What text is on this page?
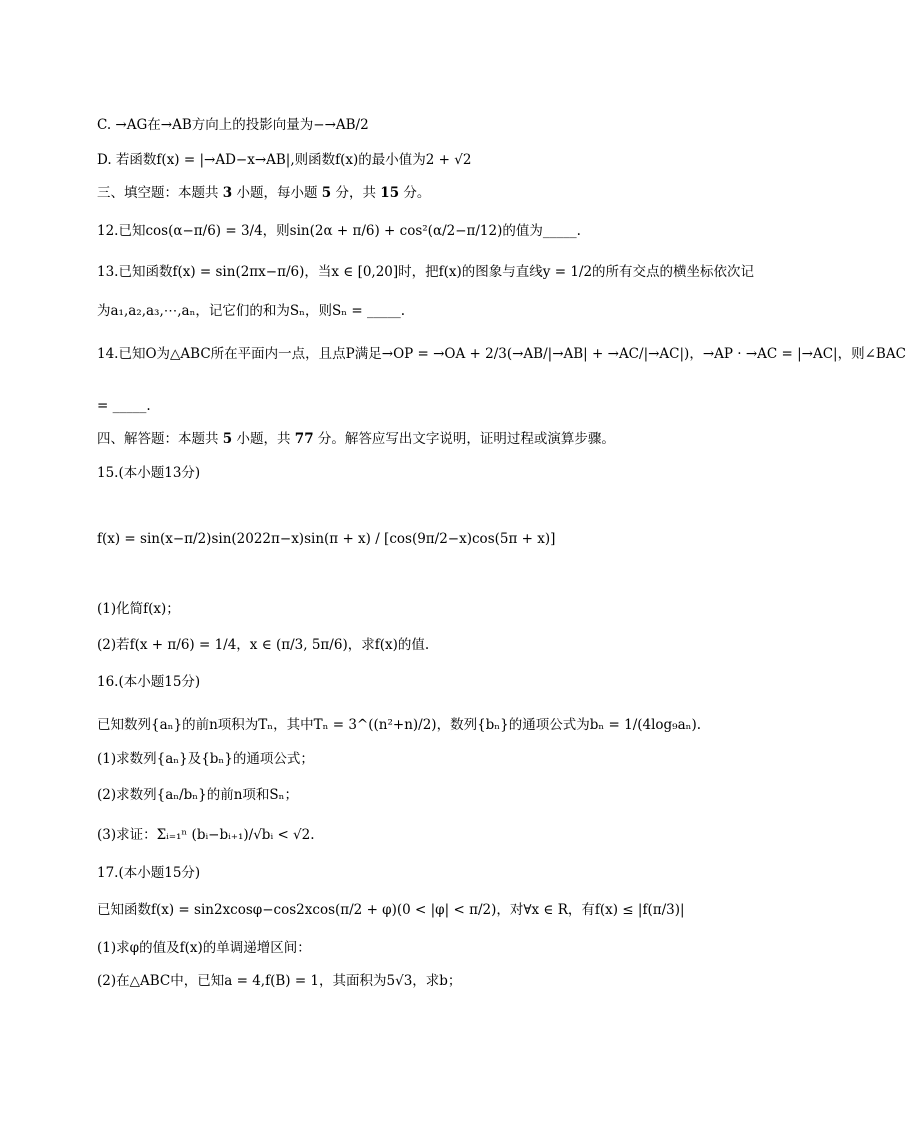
C. →AG在→AB方向上的投影向量为−→AB/2
D. 若函数f(x) = |→AD−x→AB|,则函数f(x)的最小值为2 + √2
三、填空题：本题共 3 小题，每小题 5 分，共 15 分。
12.已知cos(α−π/6) = 3/4，则sin(2α + π/6) + cos²(α/2−π/12)的值为_____.
13.已知函数f(x) = sin(2πx−π/6)，当x ∈ [0,20]时，把f(x)的图象与直线y = 1/2的所有交点的横坐标依次记
为a₁,a₂,a₃,⋯,aₙ，记它们的和为Sₙ，则Sₙ = _____.
14.已知O为△ABC所在平面内一点，且点P满足→OP = →OA + 2/3(→AB/|→AB| + →AC/|→AC|)，→AP · →AC = |→AC|，则∠BAC
= _____.
四、解答题：本题共 5 小题，共 77 分。解答应写出文字说明，证明过程或演算步骤。
15.(本小题13分)
f(x) = sin(x−π/2)sin(2022π−x)sin(π + x) / [cos(9π/2−x)cos(5π + x)]
(1)化简f(x)；
(2)若f(x + π/6) = 1/4，x ∈ (π/3, 5π/6)，求f(x)的值.
16.(本小题15分)
已知数列{aₙ}的前n项积为Tₙ，其中Tₙ = 3^((n²+n)/2)，数列{bₙ}的通项公式为bₙ = 1/(4log₉aₙ).
(1)求数列{aₙ}及{bₙ}的通项公式；
(2)求数列{aₙ/bₙ}的前n项和Sₙ；
(3)求证：Σᵢ₌₁ⁿ (bᵢ−bᵢ₊₁)/√bᵢ < √2.
17.(本小题15分)
已知函数f(x) = sin2xcosφ−cos2xcos(π/2 + φ)(0 < |φ| < π/2)，对∀x ∈ R，有f(x) ≤ |f(π/3)|
(1)求φ的值及f(x)的单调递增区间：
(2)在△ABC中，已知a = 4,f(B) = 1，其面积为5√3，求b；
